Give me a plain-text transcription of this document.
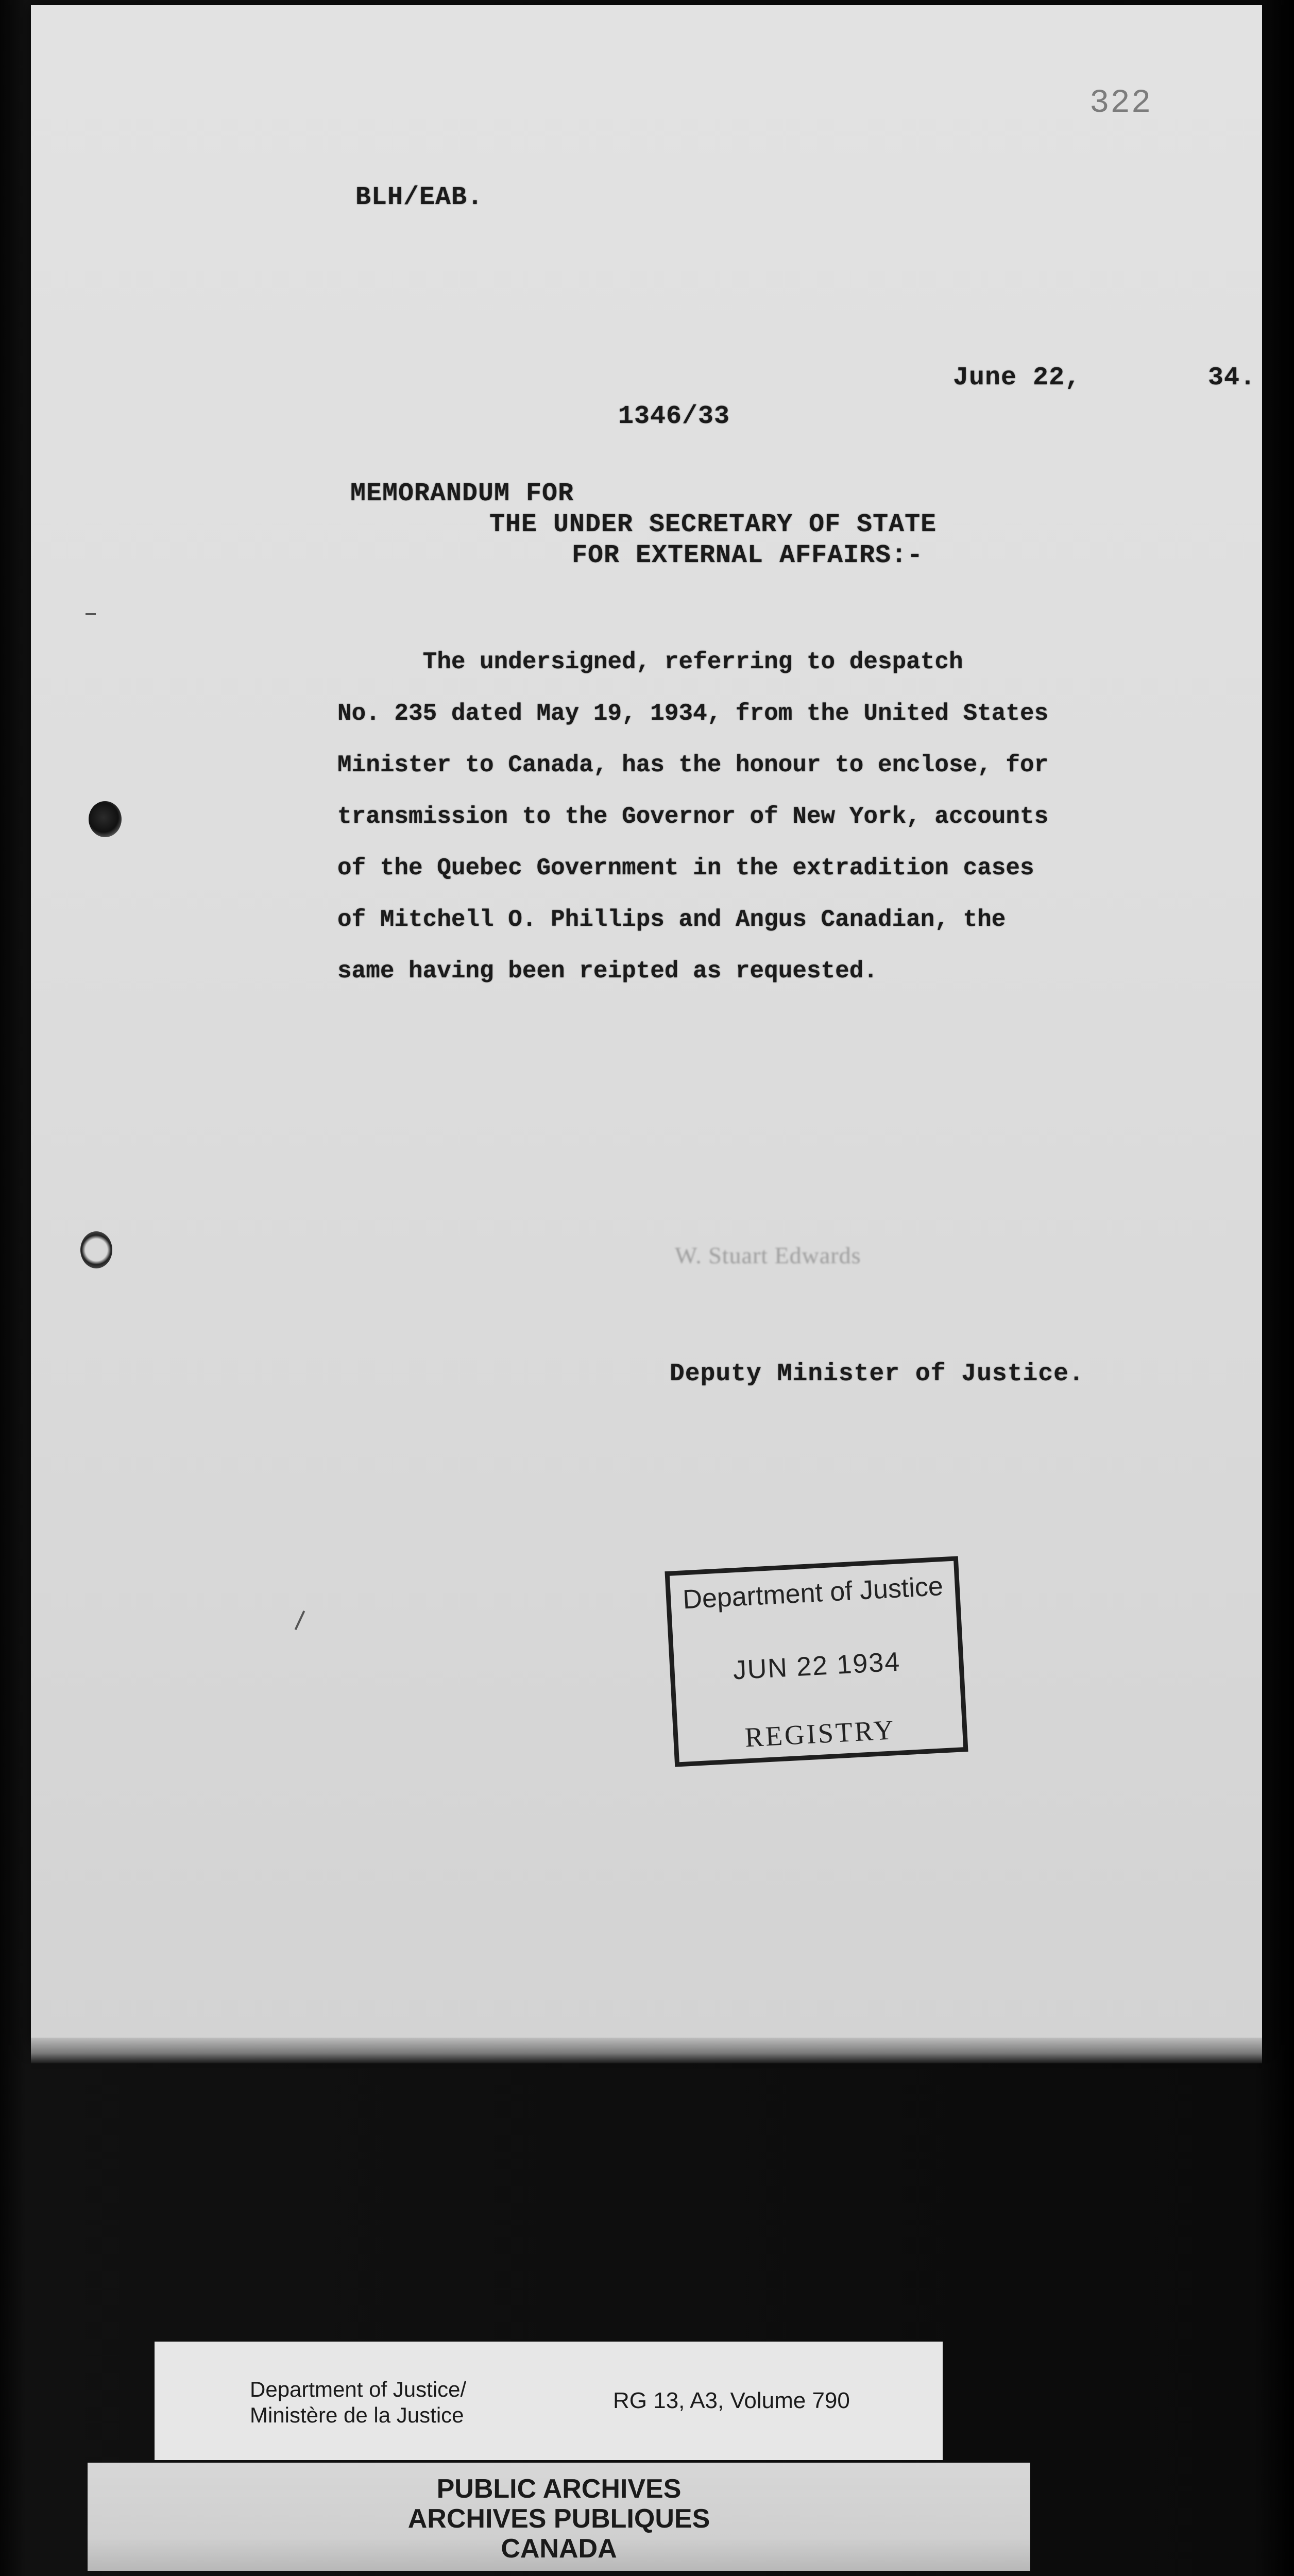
322
BLH/EAB.
June 22,	34.
1346/33
MEMORANDUM FOR
THE UNDER SECRETARY OF STATE
FOR EXTERNAL AFFAIRS:-
The undersigned, referring to despatch
No. 235 dated May 19, 1934, from the United States
Minister to Canada, has the honour to enclose, for
transmission to the Governor of New York, accounts
of the Quebec Government in the extradition cases
of Mitchell O. Phillips and Angus Canadian, the
same having been reipted as requested.
W. Stuart Edwards
Deputy Minister of Justice.
Department of Justice
JUN 22 1934
REGISTRY
Department of Justice/
Ministère de la Justice
RG 13, A3, Volume 790
PUBLIC ARCHIVES
ARCHIVES PUBLIQUES
CANADA
